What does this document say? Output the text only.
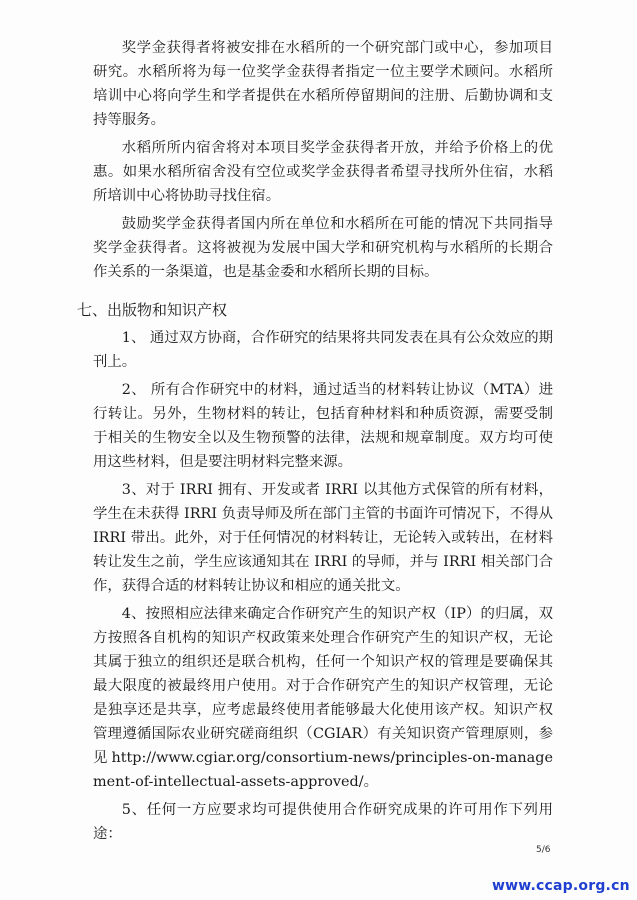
奖学金获得者将被安排在水稻所的一个研究部门或中心，参加项目研究。水稻所将为每一位奖学金获得者指定一位主要学术顾问。水稻所培训中心将向学生和学者提供在水稻所停留期间的注册、后勤协调和支持等服务。

水稻所所内宿舍将对本项目奖学金获得者开放，并给予价格上的优惠。如果水稻所宿舍没有空位或奖学金获得者希望寻找所外住宿，水稻所培训中心将协助寻找住宿。

鼓励奖学金获得者国内所在单位和水稻所在可能的情况下共同指导奖学金获得者。这将被视为发展中国大学和研究机构与水稻所的长期合作关系的一条渠道，也是基金委和水稻所长期的目标。

七、出版物和知识产权

1、 通过双方协商，合作研究的结果将共同发表在具有公众效应的期刊上。

2、 所有合作研究中的材料，通过适当的材料转让协议（MTA）进行转让。另外，生物材料的转让，包括育种材料和种质资源，需要受制于相关的生物安全以及生物预警的法律，法规和规章制度。双方均可使用这些材料，但是要注明材料完整来源。

3、对于 IRRI 拥有、开发或者 IRRI 以其他方式保管的所有材料，学生在未获得 IRRI 负责导师及所在部门主管的书面许可情况下，不得从 IRRI 带出。此外，对于任何情况的材料转让，无论转入或转出，在材料转让发生之前，学生应该通知其在 IRRI 的导师，并与 IRRI 相关部门合作，获得合适的材料转让协议和相应的通关批文。

4、按照相应法律来确定合作研究产生的知识产权（IP）的归属，双方按照各自机构的知识产权政策来处理合作研究产生的知识产权，无论其属于独立的组织还是联合机构，任何一个知识产权的管理是要确保其最大限度的被最终用户使用。对于合作研究产生的知识产权管理，无论是独享还是共享，应考虑最终使用者能够最大化使用该产权。知识产权管理遵循国际农业研究磋商组织（CGIAR）有关知识资产管理原则，参见http://www.cgiar.org/consortium-news/principles-on-management-of-intellectual-assets-approved/。

5、任何一方应要求均可提供使用合作研究成果的许可用作下列用途：

5/6
www.ccap.org.cn
